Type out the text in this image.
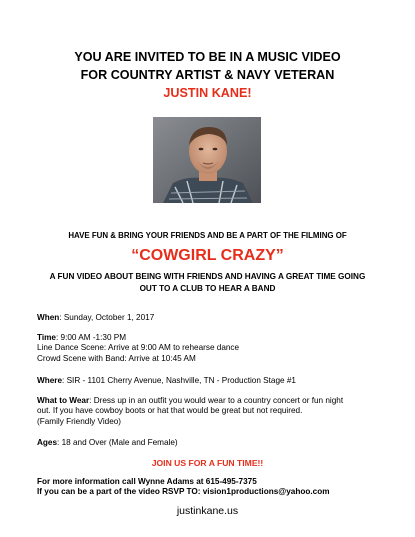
YOU ARE INVITED TO BE IN A MUSIC VIDEO
FOR COUNTRY ARTIST & NAVY VETERAN
JUSTIN KANE!
HAVE FUN & BRING YOUR FRIENDS AND BE A PART OF THE FILMING OF
“COWGIRL CRAZY”
A FUN VIDEO ABOUT BEING WITH FRIENDS AND HAVING A GREAT TIME GOING
OUT TO A CLUB TO HEAR A BAND
When: Sunday, October 1, 2017
Time: 9:00 AM -1:30 PM
Line Dance Scene: Arrive at 9:00 AM to rehearse dance
Crowd Scene with Band: Arrive at 10:45 AM
Where: SIR - 1101 Cherry Avenue, Nashville, TN - Production Stage #1
What to Wear: Dress up in an outfit you would wear to a country concert or fun night
out. If you have cowboy boots or hat that would be great but not required.
(Family Friendly Video)
Ages: 18 and Over (Male and Female)
JOIN US FOR A FUN TIME!!
For more information call Wynne Adams at 615-495-7375
If you can be a part of the video RSVP TO: vision1productions@yahoo.com
justinkane.us
